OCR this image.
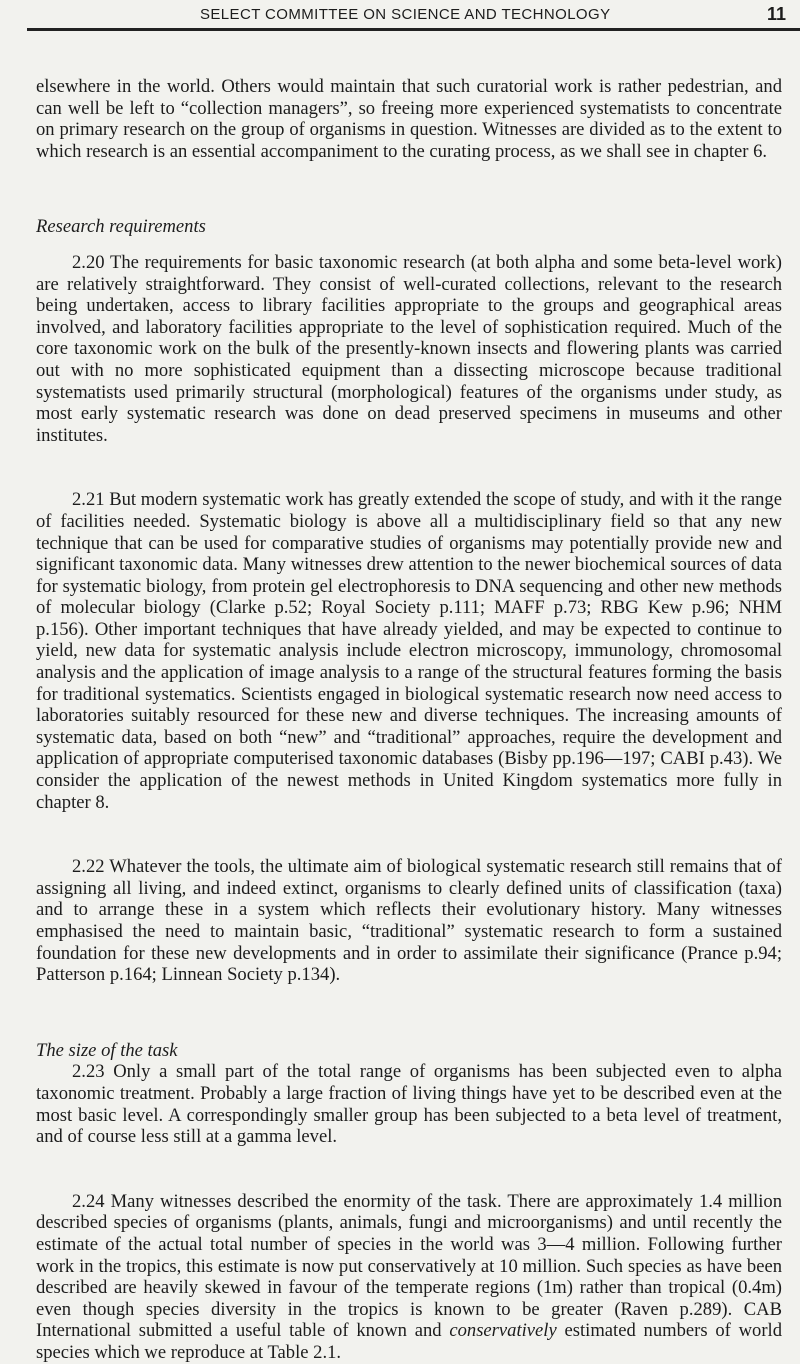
SELECT COMMITTEE ON SCIENCE AND TECHNOLOGY	11

elsewhere in the world. Others would maintain that such curatorial work is rather pedestrian, and can well be left to “collection managers”, so freeing more experienced systematists to concentrate on primary research on the group of organisms in question. Witnesses are divided as to the extent to which research is an essential accompaniment to the curating process, as we shall see in chapter 6.

Research requirements

2.20 The requirements for basic taxonomic research (at both alpha and some beta-level work) are relatively straightforward. They consist of well-curated collections, relevant to the research being undertaken, access to library facilities appropriate to the groups and geographical areas involved, and laboratory facilities appropriate to the level of sophistication required. Much of the core taxonomic work on the bulk of the presently-known insects and flowering plants was carried out with no more sophisticated equipment than a dissecting microscope because traditional systematists used primarily structural (morphological) features of the organisms under study, as most early systematic research was done on dead preserved specimens in museums and other institutes.

2.21 But modern systematic work has greatly extended the scope of study, and with it the range of facilities needed. Systematic biology is above all a multidisciplinary field so that any new technique that can be used for comparative studies of organisms may potentially provide new and significant taxonomic data. Many witnesses drew attention to the newer biochemical sources of data for systematic biology, from protein gel electrophoresis to DNA sequencing and other new methods of molecular biology (Clarke p.52; Royal Society p.111; MAFF p.73; RBG Kew p.96; NHM p.156). Other important techniques that have already yielded, and may be expected to continue to yield, new data for systematic analysis include electron microscopy, immunology, chromosomal analysis and the application of image analysis to a range of the structural features forming the basis for traditional systematics. Scientists engaged in biological systematic research now need access to laboratories suitably resourced for these new and diverse techniques. The increasing amounts of systematic data, based on both “new” and “traditional” approaches, require the development and application of appropriate computerised taxonomic databases (Bisby pp.196—197; CABI p.43). We consider the application of the newest methods in United Kingdom systematics more fully in chapter 8.

2.22 Whatever the tools, the ultimate aim of biological systematic research still remains that of assigning all living, and indeed extinct, organisms to clearly defined units of classification (taxa) and to arrange these in a system which reflects their evolutionary history. Many witnesses emphasised the need to maintain basic, “traditional” systematic research to form a sustained foundation for these new developments and in order to assimilate their significance (Prance p.94; Patterson p.164; Linnean Society p.134).

The size of the task

2.23 Only a small part of the total range of organisms has been subjected even to alpha taxonomic treatment. Probably a large fraction of living things have yet to be described even at the most basic level. A correspondingly smaller group has been subjected to a beta level of treatment, and of course less still at a gamma level.

2.24 Many witnesses described the enormity of the task. There are approximately 1.4 million described species of organisms (plants, animals, fungi and microorganisms) and until recently the estimate of the actual total number of species in the world was 3—4 million. Following further work in the tropics, this estimate is now put conservatively at 10 million. Such species as have been described are heavily skewed in favour of the temperate regions (1m) rather than tropical (0.4m) even though species diversity in the tropics is known to be greater (Raven p.289). CAB International submitted a useful table of known and conservatively estimated numbers of world species which we reproduce at Table 2.1.
